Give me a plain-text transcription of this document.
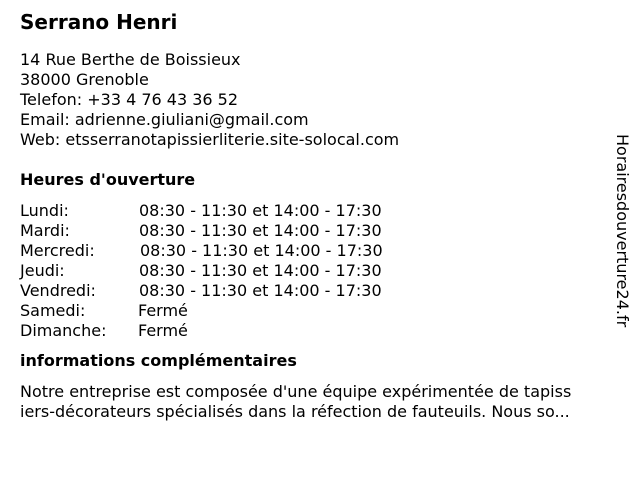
Serrano Henri
14 Rue Berthe de Boissieux
38000 Grenoble
Telefon: +33 4 76 43 36 52
Email: adrienne.giuliani@gmail.com
Web: etsserranotapissierliterie.site-solocal.com
Heures d'ouverture
Lundi:	08:30 - 11:30 et 14:00 - 17:30
Mardi:	08:30 - 11:30 et 14:00 - 17:30
Mercredi:	08:30 - 11:30 et 14:00 - 17:30
Jeudi:	08:30 - 11:30 et 14:00 - 17:30
Vendredi:	08:30 - 11:30 et 14:00 - 17:30
Samedi:	Fermé
Dimanche: Fermé
informations complémentaires
Notre entreprise est composée d'une équipe expérimentée de tapiss
iers-décorateurs spécialisés dans la réfection de fauteuils. Nous so...
Horairesdouverture24.fr
